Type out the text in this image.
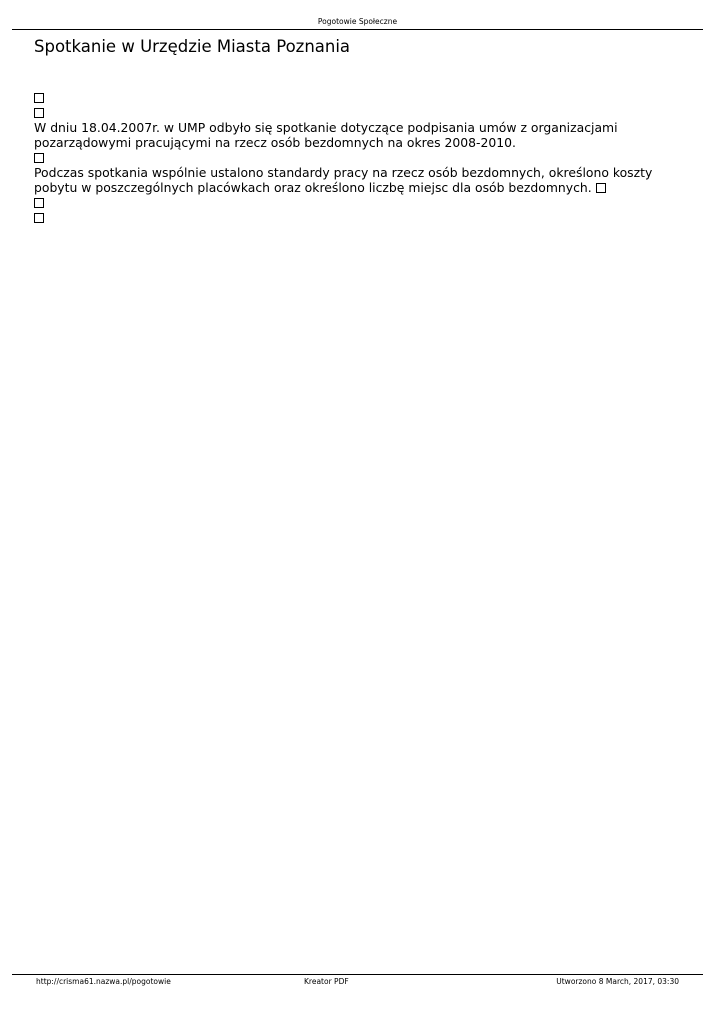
Pogotowie Społeczne
Spotkanie w Urzędzie Miasta Poznania
W dniu 18.04.2007r. w UMP odbyło się spotkanie dotyczące podpisania umów z organizacjami
pozarządowymi pracującymi na rzecz osób bezdomnych na okres 2008-2010.
Podczas spotkania wspólnie ustalono standardy pracy na rzecz osób bezdomnych, określono koszty
pobytu w poszczególnych placówkach oraz określono liczbę miejsc dla osób bezdomnych.
http://crisma61.nazwa.pl/pogotowie	Kreator PDF	Utworzono 8 March, 2017, 03:30
